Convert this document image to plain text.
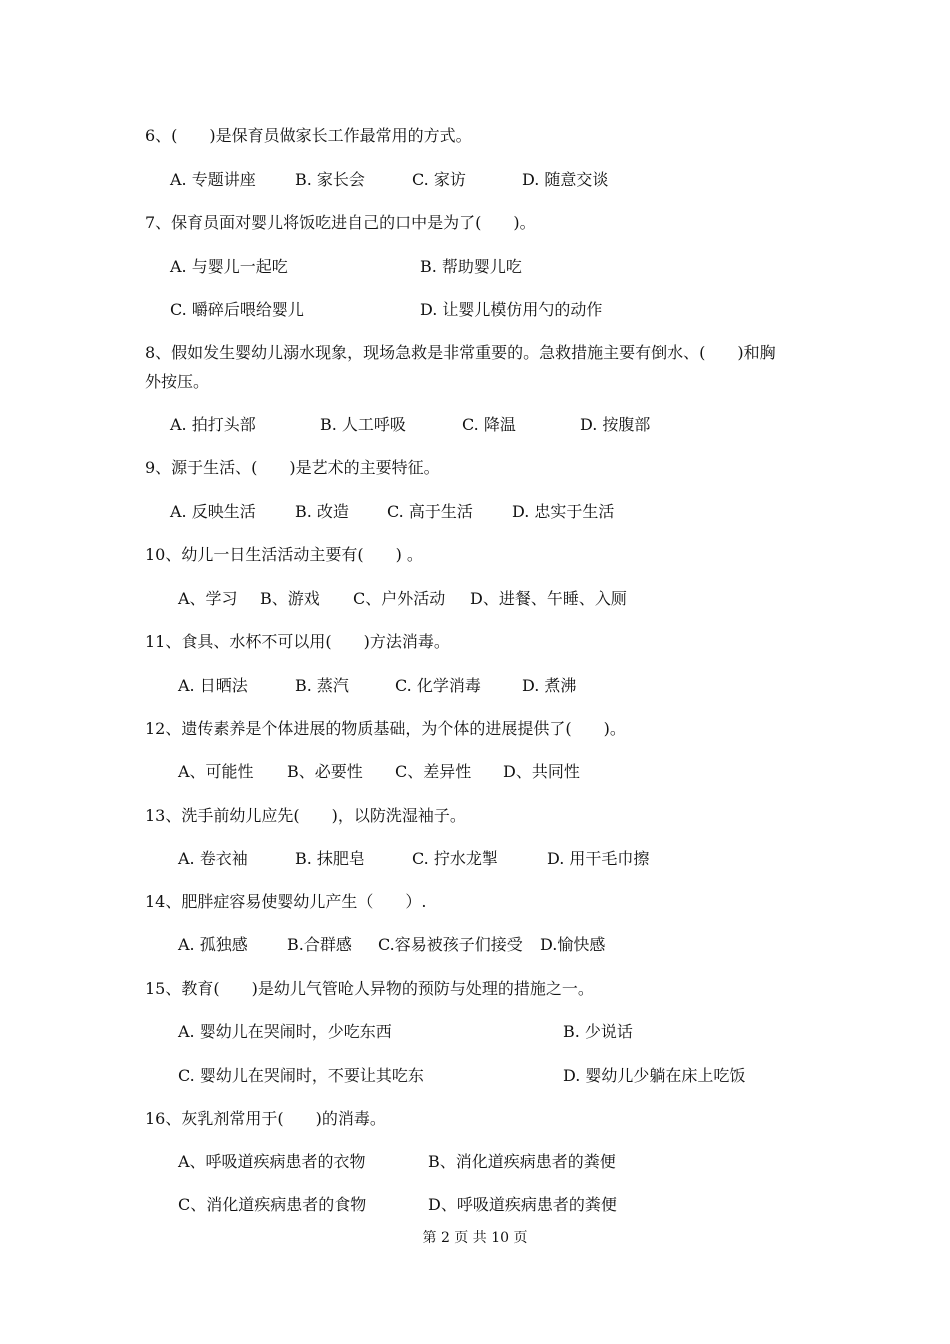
6、(　　)是保育员做家长工作最常用的方式。
A. 专题讲座 B. 家长会	C. 家访	D. 随意交谈
7、保育员面对婴儿将饭吃进自己的口中是为了(　　)。
A. 与婴儿一起吃	B. 帮助婴儿吃
C. 嚼碎后喂给婴儿	D. 让婴儿模仿用勺的动作
8、假如发生婴幼儿溺水现象，现场急救是非常重要的。急救措施主要有倒水、(　　)和胸
外按压。
A. 拍打头部	B. 人工呼吸	C. 降温	D. 按腹部
9、源于生活、(　　)是艺术的主要特征。
A. 反映生活 B. 改造 C. 高于生活 D. 忠实于生活
10、幼儿一日生活活动主要有(　　) 。
A、学习 B、游戏 C、户外活动 D、进餐、午睡、入厕
11、食具、水杯不可以用(　　)方法消毒。
A. 日晒法	B. 蒸汽	C. 化学消毒	D. 煮沸
12、遗传素养是个体进展的物质基础，为个体的进展提供了(　　)。
A、可能性 B、必要性 C、差异性 D、共同性
13、洗手前幼儿应先(　　)，以防洗湿袖子。
A. 卷衣袖	B. 抹肥皂	C. 拧水龙掣	D. 用干毛巾擦
14、肥胖症容易使婴幼儿产生（　　）.
A. 孤独感 B.合群感 C.容易被孩子们接受 D.愉快感
15、教育(　　)是幼儿气管呛人异物的预防与处理的措施之一。
A. 婴幼儿在哭闹时，少吃东西	B. 少说话
C. 婴幼儿在哭闹时，不要让其吃东	D. 婴幼儿少躺在床上吃饭
16、灰乳剂常用于(　　)的消毒。
A、呼吸道疾病患者的衣物	B、消化道疾病患者的粪便
C、消化道疾病患者的食物	D、呼吸道疾病患者的粪便
第 2 页 共 10 页
